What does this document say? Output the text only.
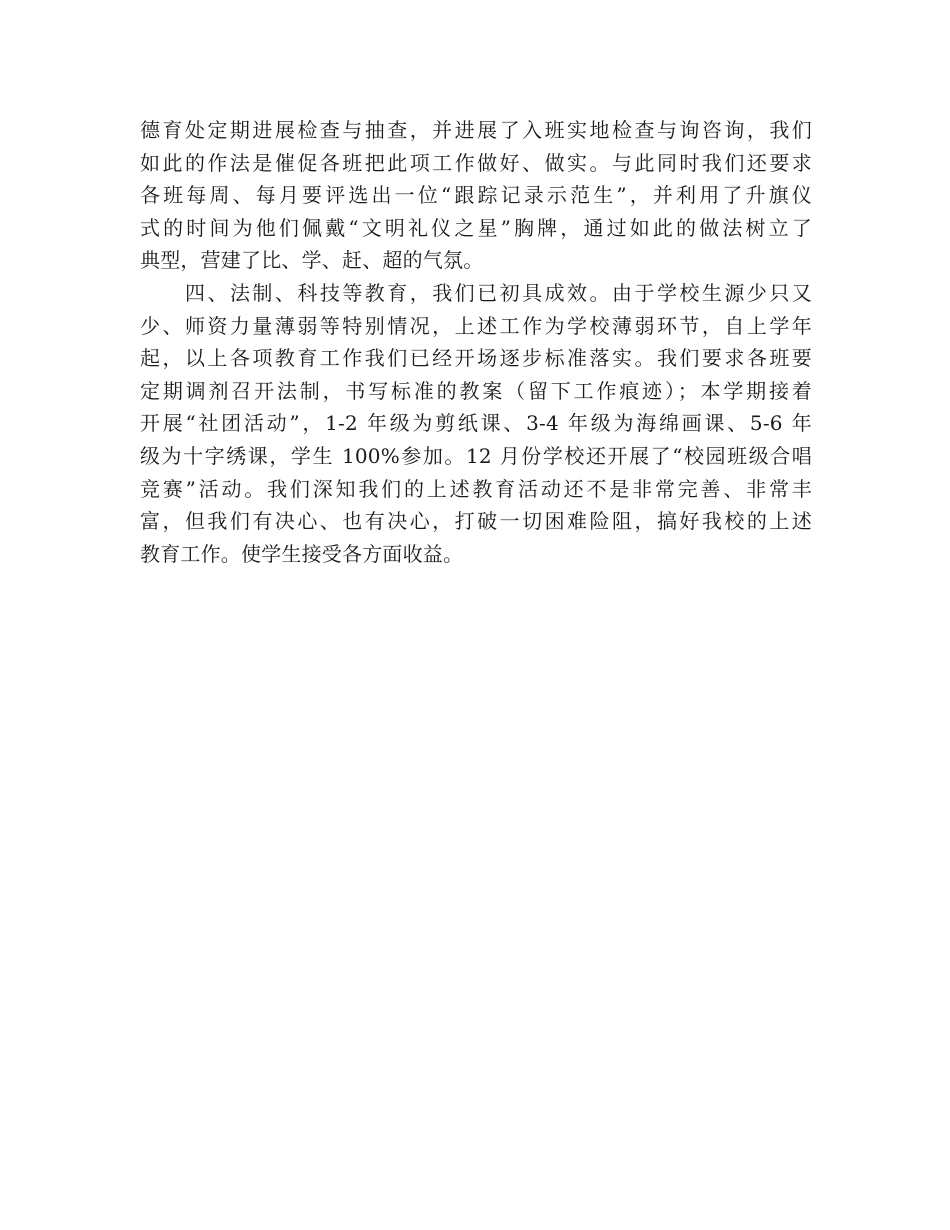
德育处定期进展检查与抽查，并进展了入班实地检查与询咨询，我们
如此的作法是催促各班把此项工作做好、做实。与此同时我们还要求
各班每周、每月要评选出一位“跟踪记录示范生”，并利用了升旗仪
式的时间为他们佩戴“文明礼仪之星”胸牌，通过如此的做法树立了
典型，营建了比、学、赶、超的气氛。
四、法制、科技等教育，我们已初具成效。由于学校生源少只又
少、师资力量薄弱等特别情况，上述工作为学校薄弱环节，自上学年
起，以上各项教育工作我们已经开场逐步标准落实。我们要求各班要
定期调剂召开法制，书写标准的教案（留下工作痕迹）；本学期接着
开展“社团活动”，1-2 年级为剪纸课、3-4 年级为海绵画课、5-6 年
级为十字绣课，学生 100%参加。12 月份学校还开展了“校园班级合唱
竞赛”活动。我们深知我们的上述教育活动还不是非常完善、非常丰
富，但我们有决心、也有决心，打破一切困难险阻，搞好我校的上述
教育工作。使学生接受各方面收益。
